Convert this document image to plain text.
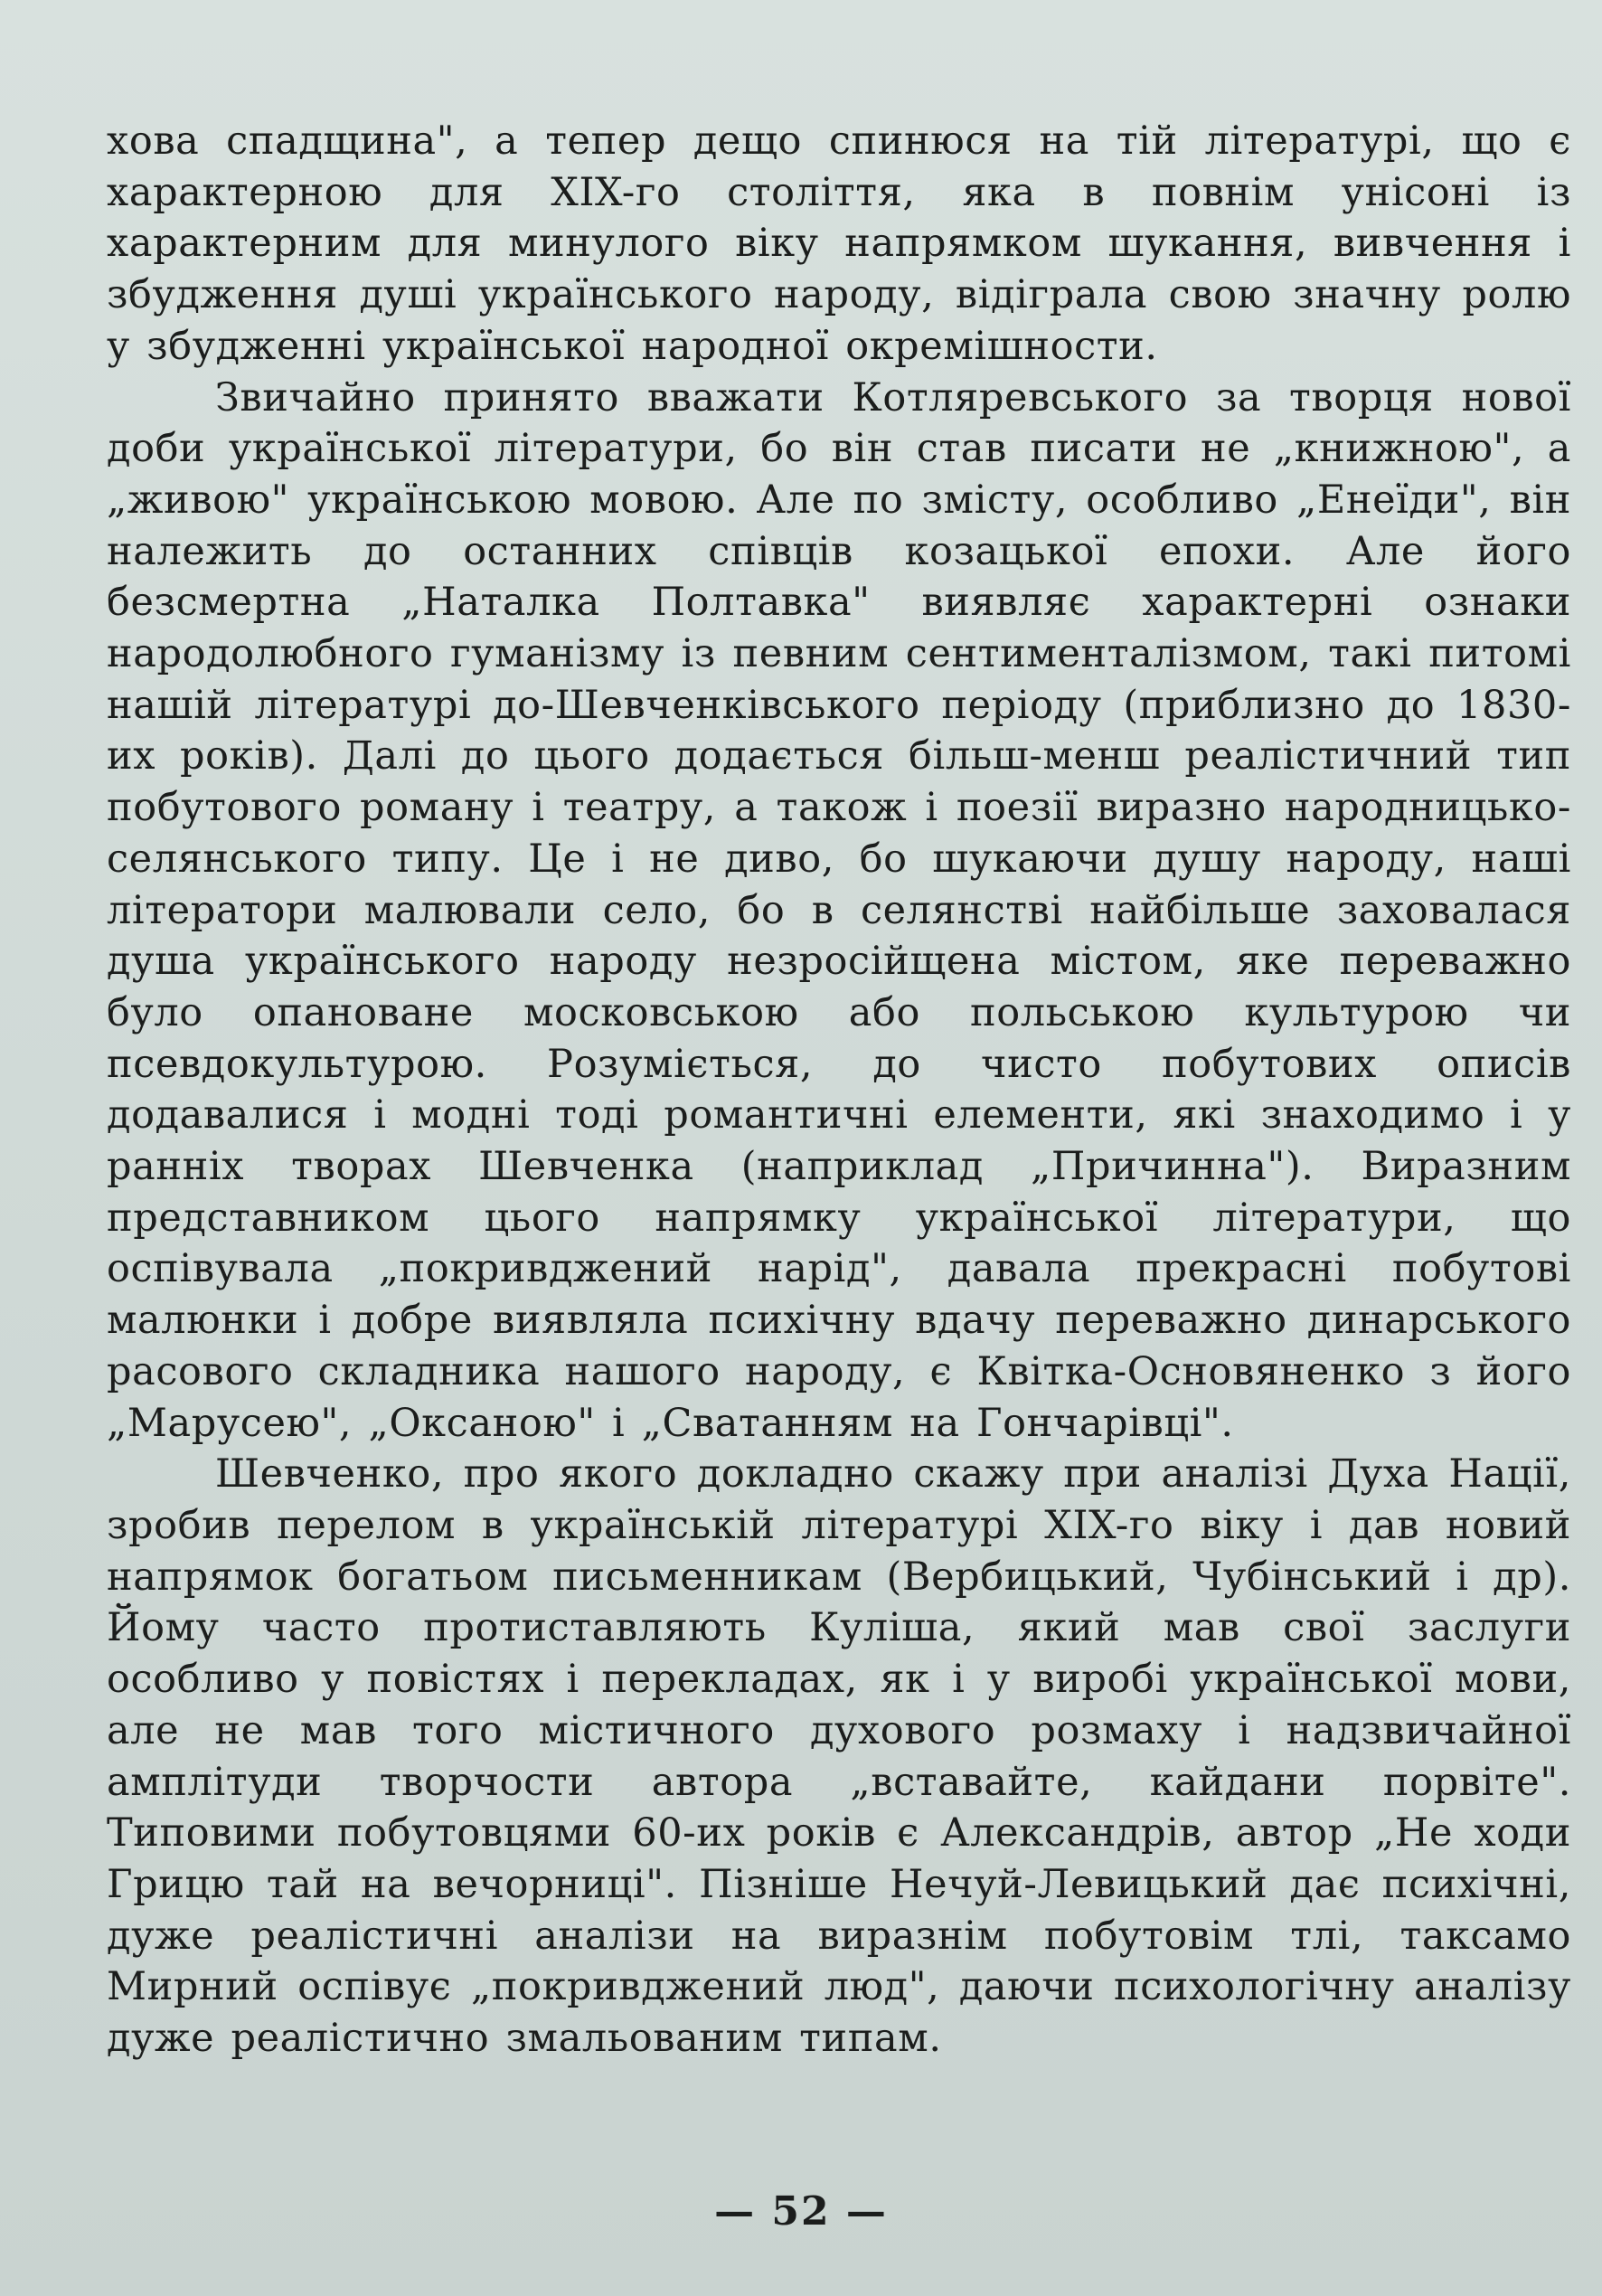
хова спадщина", а тепер дещо спинюся на тій літературі, що є характерною для XIX-го століття, яка в повнім унісоні із характерним для минулого віку напрямком шукання, вивчення і збудження душі українського народу, відіграла свою значну ролю у збудженні української народної окремішности.

Звичайно принято вважати Котляревського за творця нової доби української літератури, бо він став писати не „книжною", а „живою" українською мовою. Але по змісту, особливо „Енеїди", він належить до останних співців козацької епохи. Але його безсмертна „Наталка Полтавка" виявляє характерні ознаки народолюбного гуманізму із певним сентименталізмом, такі питомі нашій літературі до-Шевченківського періоду (приблизно до 1830-их років). Далі до цього додається більш-менш реалістичний тип побутового роману і театру, а також і поезії виразно народницько-селянського типу. Це і не диво, бо шукаючи душу народу, наші літератори малювали село, бо в селянстві найбільше заховалася душа українського народу незросійщена містом, яке переважно було опановане московською або польською культурою чи псевдокультурою. Розуміється, до чисто побутових описів додавалися і модні тоді романтичні елементи, які знаходимо і у ранніх творах Шевченка (наприклад „Причинна"). Виразним представником цього напрямку української літератури, що оспівувала „покривджений нарід", давала прекрасні побутові малюнки і добре виявляла психічну вдачу переважно динарського расового складника нашого народу, є Квітка-Основяненко з його „Марусею", „Оксаною" і „Сватанням на Гончарівці".

Шевченко, про якого докладно скажу при аналізі Духа Нації, зробив перелом в українській літературі XIX-го віку і дав новий напрямок богатьом письменникам (Вербицький, Чубінський і др). Йому часто протиставляють Куліша, який мав свої заслуги особливо у повістях і перекладах, як і у виробі української мови, але не мав того містичного духового розмаху і надзвичайної амплітуди творчости автора „вставайте, кайдани порвіте". Типовими побутовцями 60-их років є Александрів, автор „Не ходи Грицю тай на вечорниці". Пізніше Нечуй-Левицький дає психічні, дуже реалістичні аналізи на виразнім побутовім тлі, таксамо Мирний оспівує „покривджений люд", даючи психологічну аналізу дуже реалістично змальованим типам.

— 52 —
